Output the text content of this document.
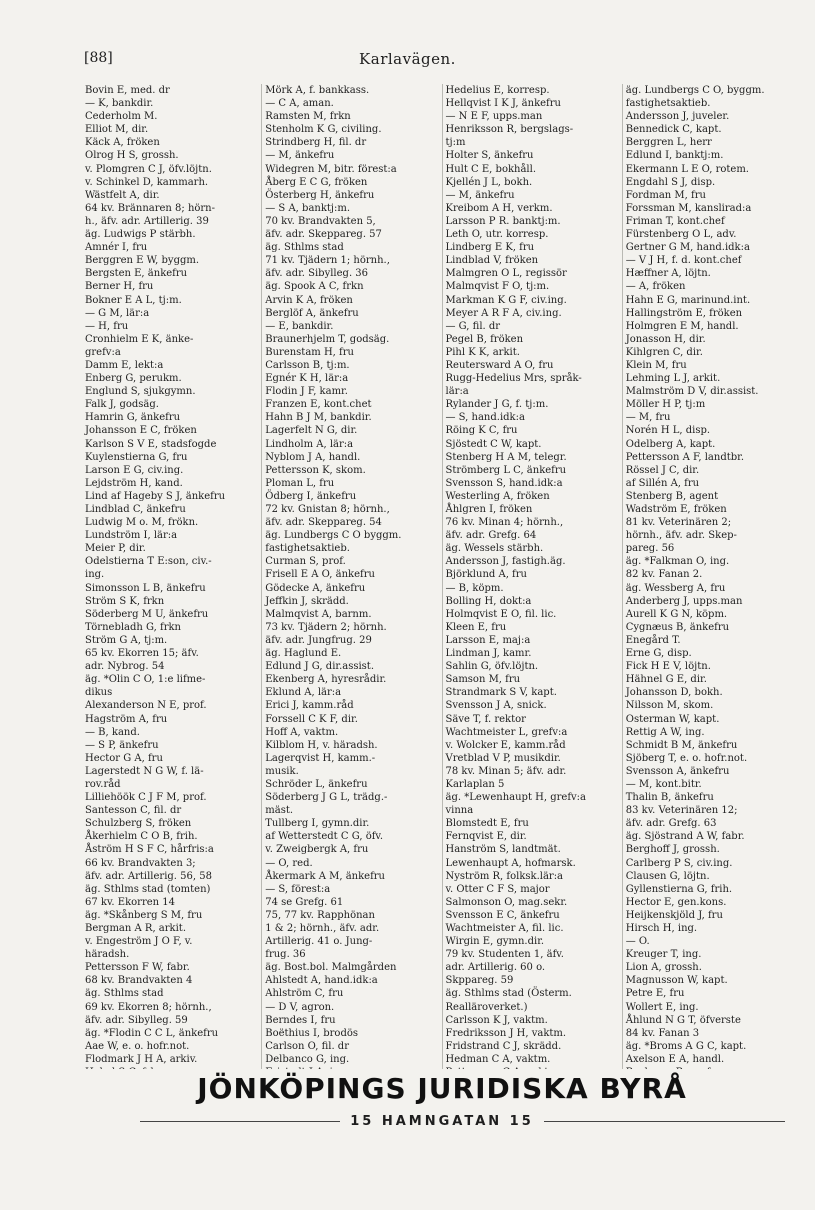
[88]	Karlavägen.
Bovin E, med. dr
— K, bankdir.
Cederholm M.
Elliot M, dir.
Käck A, fröken
Olrog H S, grossh.
v. Plomgren C J, öfv.löjtn.
v. Schinkel D, kammarh.
Wästfelt A, dir.
64 kv. Brännaren 8; hörn-
h., äfv. adr. Artillerig. 39
äg. Ludwigs P stärbh.
Amnér I, fru
Berggren E W, byggm.
Bergsten E, änkefru
Berner H, fru
Bokner E A L, tj:m.
— G M, lär:a
— H, fru
Cronhielm E K, änke-
grefv:a
Damm E, lekt:a
Enberg G, perukm.
Englund S, sjukgymn.
Falk J, godsäg.
Hamrin G, änkefru
Johansson E C, fröken
Karlson S V E, stadsfogde
Kuylenstierna G, fru
Larson E G, civ.ing.
Lejdström H, kand.
Lind af Hageby S J, änkefru
Lindblad C, änkefru
Ludwig M o. M, frökn.
Lundström I, lär:a
Meier P, dir.
Odelstierna T E:son, civ.-
ing.
Simonsson L B, änkefru
Ström S K, frkn
Söderberg M U, änkefru
Törnebladh G, frkn
Ström G A, tj:m.
65 kv. Ekorren 15; äfv.
adr. Nybrog. 54
äg. *Olin C O, 1:e lifme-
dikus
Alexanderson N E, prof.
Hagström A, fru
— B, kand.
— S P, änkefru
Hector G A, fru
Lagerstedt N G W, f. lä-
rov.råd
Lilliehöök C J F M, prof.
Santesson C, fil. dr
Schulzberg S, fröken
Åkerhielm C O B, frih.
Åström H S F C, hårfris:a
66 kv. Brandvakten 3;
äfv. adr. Artillerig. 56, 58
äg. Sthlms stad (tomten)
67 kv. Ekorren 14
äg. *Skånberg S M, fru
Bergman A R, arkit.
v. Engeström J O F, v.
häradsh.
Pettersson F W, fabr.
68 kv. Brandvakten 4
äg. Sthlms stad
69 kv. Ekorren 8; hörnh.,
äfv. adr. Sibylleg. 59
äg. *Flodin C C L, änkefru
Aae W, e. o. hofr.not.
Flodmark J H A, arkiv.
Mörk A, f. bankkass.
— C A, aman.
Ramsten M, frkn
Stenholm K G, civiling.
Strindberg H, fil. dr
— M, änkefru
Widegren M, bitr. förest:a
Åberg E C G, fröken
Österberg H, änkefru
— S A, banktj:m.
70 kv. Brandvakten 5,
äfv. adr. Skeppareg. 57
äg. Sthlms stad
71 kv. Tjädern 1; hörnh.,
äfv. adr. Sibylleg. 36
äg. Spook A C, frkn
Arvin K A, fröken
Berglöf A, änkefru
— E, bankdir.
Braunerhjelm T, godsäg.
Burenstam H, fru
Carlsson B, tj:m.
Egnér K H, lär:a
Flodin J F, kamr.
Franzen E, kont.chet
Hahn B J M, bankdir.
Lagerfelt N G, dir.
Lindholm A, lär:a
Nyblom J A, handl.
Pettersson K, skom.
Ploman L, fru
Ödberg I, änkefru
72 kv. Gnistan 8; hörnh.,
äfv. adr. Skeppareg. 54
äg. Lundbergs C O byggm.
fastighetsaktieb.
Curman S, prof.
Frisell E A O, änkefru
Gödecke A, änkefru
Jeffkin J, skrädd.
Malmqvist A, barnm.
73 kv. Tjädern 2; hörnh.
äfv. adr. Jungfrug. 29
äg. Haglund E.
Edlund J G, dir.assist.
Ekenberg A, hyresrådir.
Eklund A, lär:a
Erici J, kamm.råd
Forssell C K F, dir.
Hoff A, vaktm.
Kilblom H, v. häradsh.
Lagerqvist H, kamm.-
musik.
Schröder L, änkefru
Söderberg J G L, trädg.-
mäst.
Tullberg I, gymn.dir.
af Wetterstedt C G, öfv.
v. Zweigbergk A, fru
— O, red.
Åkermark A M, änkefru
— S, förest:a
74 se Grefg. 61
75, 77 kv. Rapphönan
1 & 2; hörnh., äfv. adr.
Artillerig. 41 o. Jung-
frug. 36
äg. Bost.bol. Malmgården
Ahlstedt A, hand.idk:a
Ahlström C, fru
— D V, agron.
Berndes I, fru
Boëthius I, brodös
Carlson O, fil. dr
Delbanco G, ing.
Hedelius E, korresp.
Hellqvist I K J, änkefru
— N E F, upps.man
Henriksson R, bergslags-
tj:m
Holter S, änkefru
Hult C E, bokhåll.
Kjellén J L, bokh.
— M, änkefru
Kreibom A H, verkm.
Larsson P R. banktj:m.
Leth O, utr. korresp.
Lindberg E K, fru
Lindblad V, fröken
Malmgren O L, regissör
Malmqvist F O, tj:m.
Markman K G F, civ.ing.
Meyer A R F A, civ.ing.
— G, fil. dr
Pegel B, fröken
Pihl K K, arkit.
Reutersward A O, fru
Rugg-Hedelius Mrs, språk-
lär:a
Rylander J G, f. tj:m.
— S, hand.idk:a
Röing K C, fru
Sjöstedt C W, kapt.
Stenberg H A M, telegr.
Strömberg L C, änkefru
Svensson S, hand.idk:a
Westerling A, fröken
Åhlgren I, fröken
76 kv. Minan 4; hörnh.,
äfv. adr. Grefg. 64
äg. Wessels stärbh.
Andersson J, fastigh.äg.
Björklund A, fru
— B, köpm.
Bolling H, dokt:a
Holmqvist E O, fil. lic.
Kleen E, fru
Larsson E, maj:a
Lindman J, kamr.
Sahlin G, öfv.löjtn.
Samson M, fru
Strandmark S V, kapt.
Svensson J A, snick.
Säve T, f. rektor
Wachtmeister L, grefv:a
v. Wolcker E, kamm.råd
Vretblad V P, musikdir.
78 kv. Minan 5; äfv. adr.
Karlaplan 5
äg. *Lewenhaupt H, grefv:a
vinna
Blomstedt E, fru
Fernqvist E, dir.
Hanström S, landtmät.
Lewenhaupt A, hofmarsk.
Nyström R, folksk.lär:a
v. Otter C F S, major
Salmonson O, mag.sekr.
Svensson E C, änkefru
Wachtmeister A, fil. lic.
Wirgin E, gymn.dir.
79 kv. Studenten 1, äfv.
adr. Artillerig. 60 o.
Skppareg. 59
äg. Sthlms stad (Österm.
Realläroverket.)
Carlsson K J, vaktm.
Fredriksson J H, vaktm.
Fridstrand C J, skrädd.
Hedman C A, vaktm.
äg. Lundbergs C O, byggm.
fastighetsaktieb.
Andersson J, juveler.
Bennedick C, kapt.
Berggren L, herr
Edlund I, banktj:m.
Ekermann L E O, rotem.
Engdahl S J, disp.
Fordman M, fru
Forssman M, kanslirad:a
Friman T, kont.chef
Fürstenberg O L, adv.
Gertner G M, hand.idk:a
— V J H, f. d. kont.chef
Hæffner A, löjtn.
— A, fröken
Hahn E G, marinund.int.
Hallingström E, fröken
Holmgren E M, handl.
Jonasson H, dir.
Kihlgren C, dir.
Klein M, fru
Lehming L J, arkit.
Malmström D V, dir.assist.
Möller H P, tj:m
— M, fru
Norén H L, disp.
Odelberg A, kapt.
Pettersson A F, landtbr.
Rössel J C, dir.
af Sillén A, fru
Stenberg B, agent
Wadström E, fröken
81 kv. Veterinären 2;
hörnh., äfv. adr. Skep-
pareg. 56
äg. *Falkman O, ing.
82 kv. Fanan 2.
äg. Wessberg A, fru
Anderberg J, upps.man
Aurell K G N, köpm.
Cygnæus B, änkefru
Enegård T.
Erne G, disp.
Fick H E V, löjtn.
Hähnel G E, dir.
Johansson D, bokh.
Nilsson M, skom.
Osterman W, kapt.
Rettig A W, ing.
Schmidt B M, änkefru
Sjöberg T, e. o. hofr.not.
Svensson A, änkefru
— M, kont.bitr.
Thalin B, änkefru
83 kv. Veterinären 12;
äfv. adr. Grefg. 63
äg. Sjöstrand A W, fabr.
Berghoff J, grossh.
Carlberg P S, civ.ing.
Clausen G, löjtn.
Gyllenstierna G, frih.
Hector E, gen.kons.
Heijkenskjöld J, fru
Hirsch H, ing.
— O.
Kreuger T, ing.
Lion A, grossh.
Magnusson W, kapt.
Petre E, fru
Wollert E, ing.
Åhlund N G T, öfverste
84 kv. Fanan 3
äg. *Broms A G C, kapt.
Axelson E A, handl.
JÖNKÖPINGS JURIDISKA BYRÅ
15 HAMNGATAN 15
